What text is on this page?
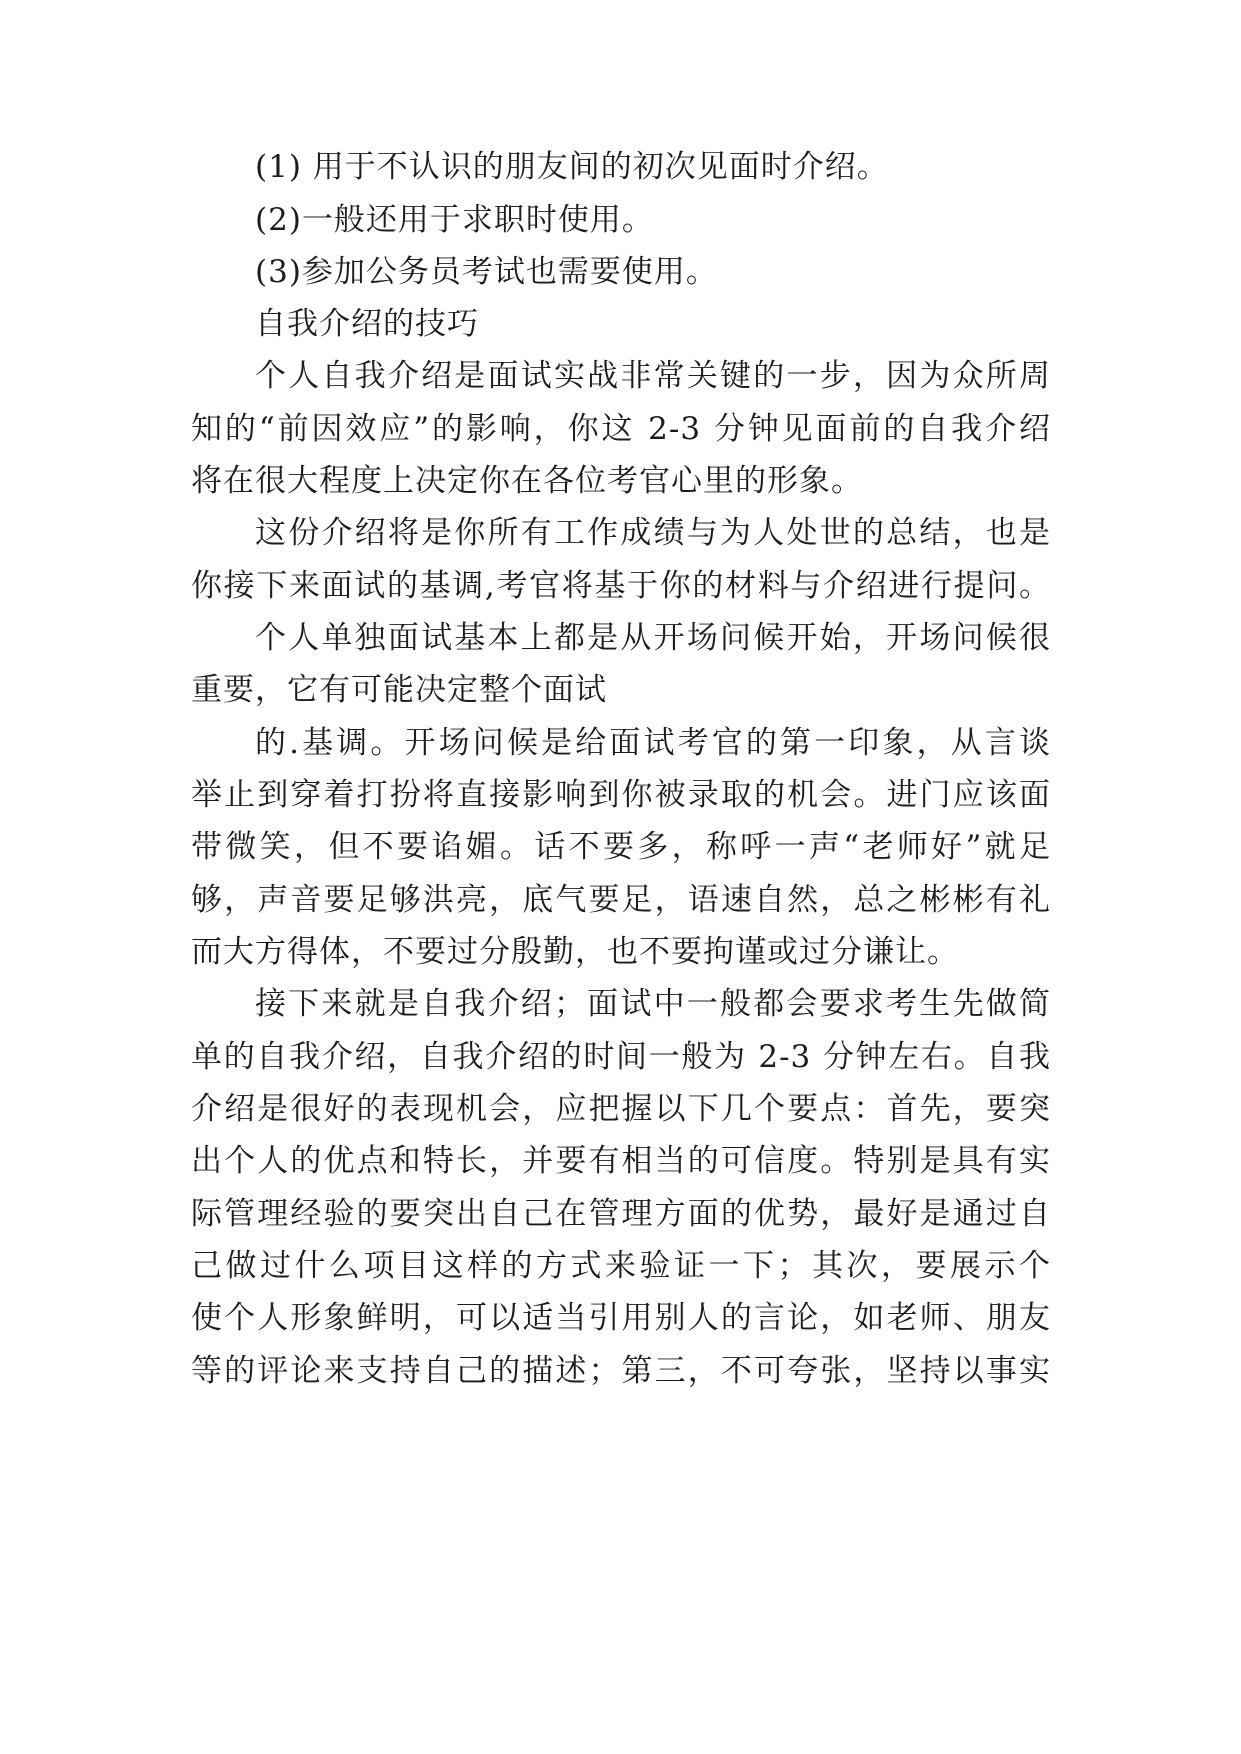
(1) 用于不认识的朋友间的初次见面时介绍。
(2)一般还用于求职时使用。
(3)参加公务员考试也需要使用。
自我介绍的技巧
个人自我介绍是面试实战非常关键的一步，因为众所周
知的“前因效应”的影响，你这 2-3 分钟见面前的自我介绍
将在很大程度上决定你在各位考官心里的形象。
这份介绍将是你所有工作成绩与为人处世的总结，也是
你接下来面试的基调,考官将基于你的材料与介绍进行提问。
个人单独面试基本上都是从开场问候开始，开场问候很
重要，它有可能决定整个面试
的.基调。开场问候是给面试考官的第一印象，从言谈
举止到穿着打扮将直接影响到你被录取的机会。进门应该面
带微笑，但不要谄媚。话不要多，称呼一声“老师好”就足
够，声音要足够洪亮，底气要足，语速自然，总之彬彬有礼
而大方得体，不要过分殷勤，也不要拘谨或过分谦让。
接下来就是自我介绍；面试中一般都会要求考生先做简
单的自我介绍，自我介绍的时间一般为 2-3 分钟左右。自我
介绍是很好的表现机会，应把握以下几个要点：首先，要突
出个人的优点和特长，并要有相当的可信度。特别是具有实
际管理经验的要突出自己在管理方面的优势，最好是通过自
己做过什么项目这样的方式来验证一下；其次，要展示个
使个人形象鲜明，可以适当引用别人的言论，如老师、朋友
等的评论来支持自己的描述；第三，不可夸张，坚持以事实
